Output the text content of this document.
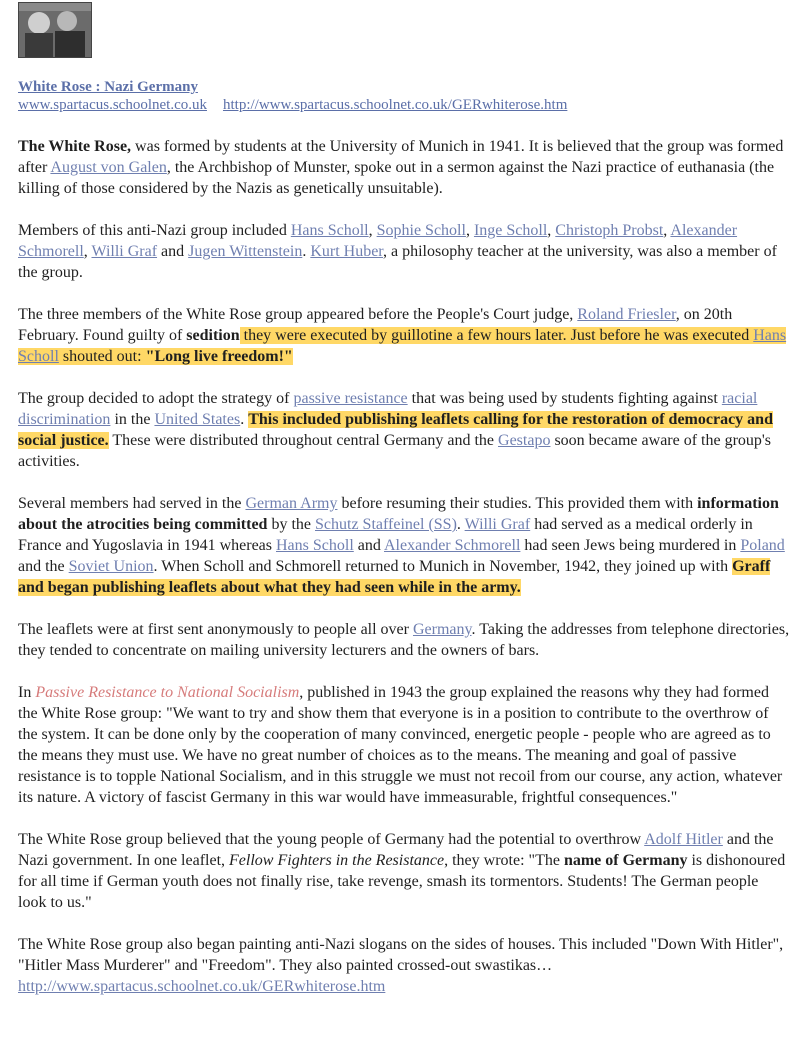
White Rose : Nazi Germany
www.spartacus.schoolnet.co.uk http://www.spartacus.schoolnet.co.uk/GERwhiterose.htm

The White Rose, was formed by students at the University of Munich in 1941. It is believed that the group was formed after August von Galen, the Archbishop of Munster, spoke out in a sermon against the Nazi practice of euthanasia (the killing of those considered by the Nazis as genetically unsuitable).

Members of this anti-Nazi group included Hans Scholl, Sophie Scholl, Inge Scholl, Christoph Probst, Alexander Schmorell, Willi Graf and Jugen Wittenstein. Kurt Huber, a philosophy teacher at the university, was also a member of the group.

The three members of the White Rose group appeared before the People's Court judge, Roland Friesler, on 20th February. Found guilty of sedition they were executed by guillotine a few hours later. Just before he was executed Hans Scholl shouted out: "Long live freedom!"

The group decided to adopt the strategy of passive resistance that was being used by students fighting against racial discrimination in the United States. This included publishing leaflets calling for the restoration of democracy and social justice. These were distributed throughout central Germany and the Gestapo soon became aware of the group's activities.

Several members had served in the German Army before resuming their studies. This provided them with information about the atrocities being committed by the Schutz Staffeinel (SS). Willi Graf had served as a medical orderly in France and Yugoslavia in 1941 whereas Hans Scholl and Alexander Schmorell had seen Jews being murdered in Poland and the Soviet Union. When Scholl and Schmorell returned to Munich in November, 1942, they joined up with Graff and began publishing leaflets about what they had seen while in the army.

The leaflets were at first sent anonymously to people all over Germany. Taking the addresses from telephone directories, they tended to concentrate on mailing university lecturers and the owners of bars.

In Passive Resistance to National Socialism, published in 1943 the group explained the reasons why they had formed the White Rose group: "We want to try and show them that everyone is in a position to contribute to the overthrow of the system. It can be done only by the cooperation of many convinced, energetic people - people who are agreed as to the means they must use. We have no great number of choices as to the means. The meaning and goal of passive resistance is to topple National Socialism, and in this struggle we must not recoil from our course, any action, whatever its nature. A victory of fascist Germany in this war would have immeasurable, frightful consequences."

The White Rose group believed that the young people of Germany had the potential to overthrow Adolf Hitler and the Nazi government. In one leaflet, Fellow Fighters in the Resistance, they wrote: "The name of Germany is dishonoured for all time if German youth does not finally rise, take revenge, smash its tormentors. Students! The German people look to us."

The White Rose group also began painting anti-Nazi slogans on the sides of houses. This included "Down With Hitler", "Hitler Mass Murderer" and "Freedom". They also painted crossed-out swastikas…
http://www.spartacus.schoolnet.co.uk/GERwhiterose.htm
